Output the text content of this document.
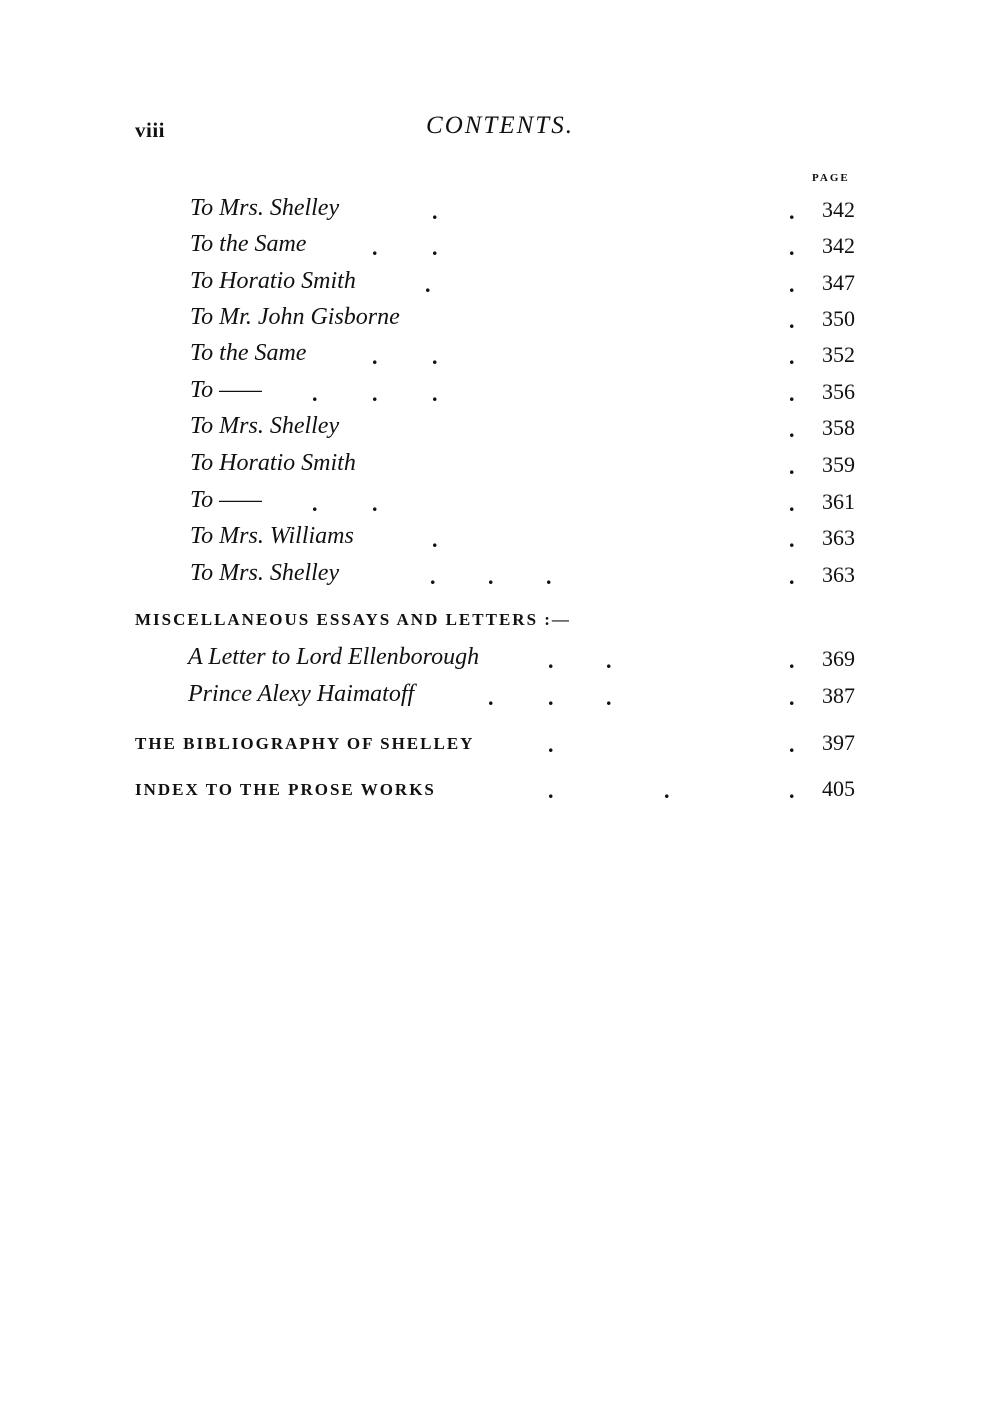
viii	CONTENTS.
PAGE
To Mrs. Shelley	.	. 342
To the Same	. .	. 342
To Horatio Smith	.	. 347
To Mr. John Gisborne	. 350
To the Same	. .	. 352
To —— . . .	. 356
To Mrs. Shelley	. 358
To Horatio Smith	. 359
To —— . .	. 361
To Mrs. Williams	.	. 363
To Mrs. Shelley	. . .	. 363
MISCELLANEOUS ESSAYS AND LETTERS :—
A Letter to Lord Ellenborough	. .	. 369
Prince Alexy Haimatoff	. . .	. 387
THE BIBLIOGRAPHY OF SHELLEY	.	. 397
INDEX TO THE PROSE WORKS	.	.	. 405
